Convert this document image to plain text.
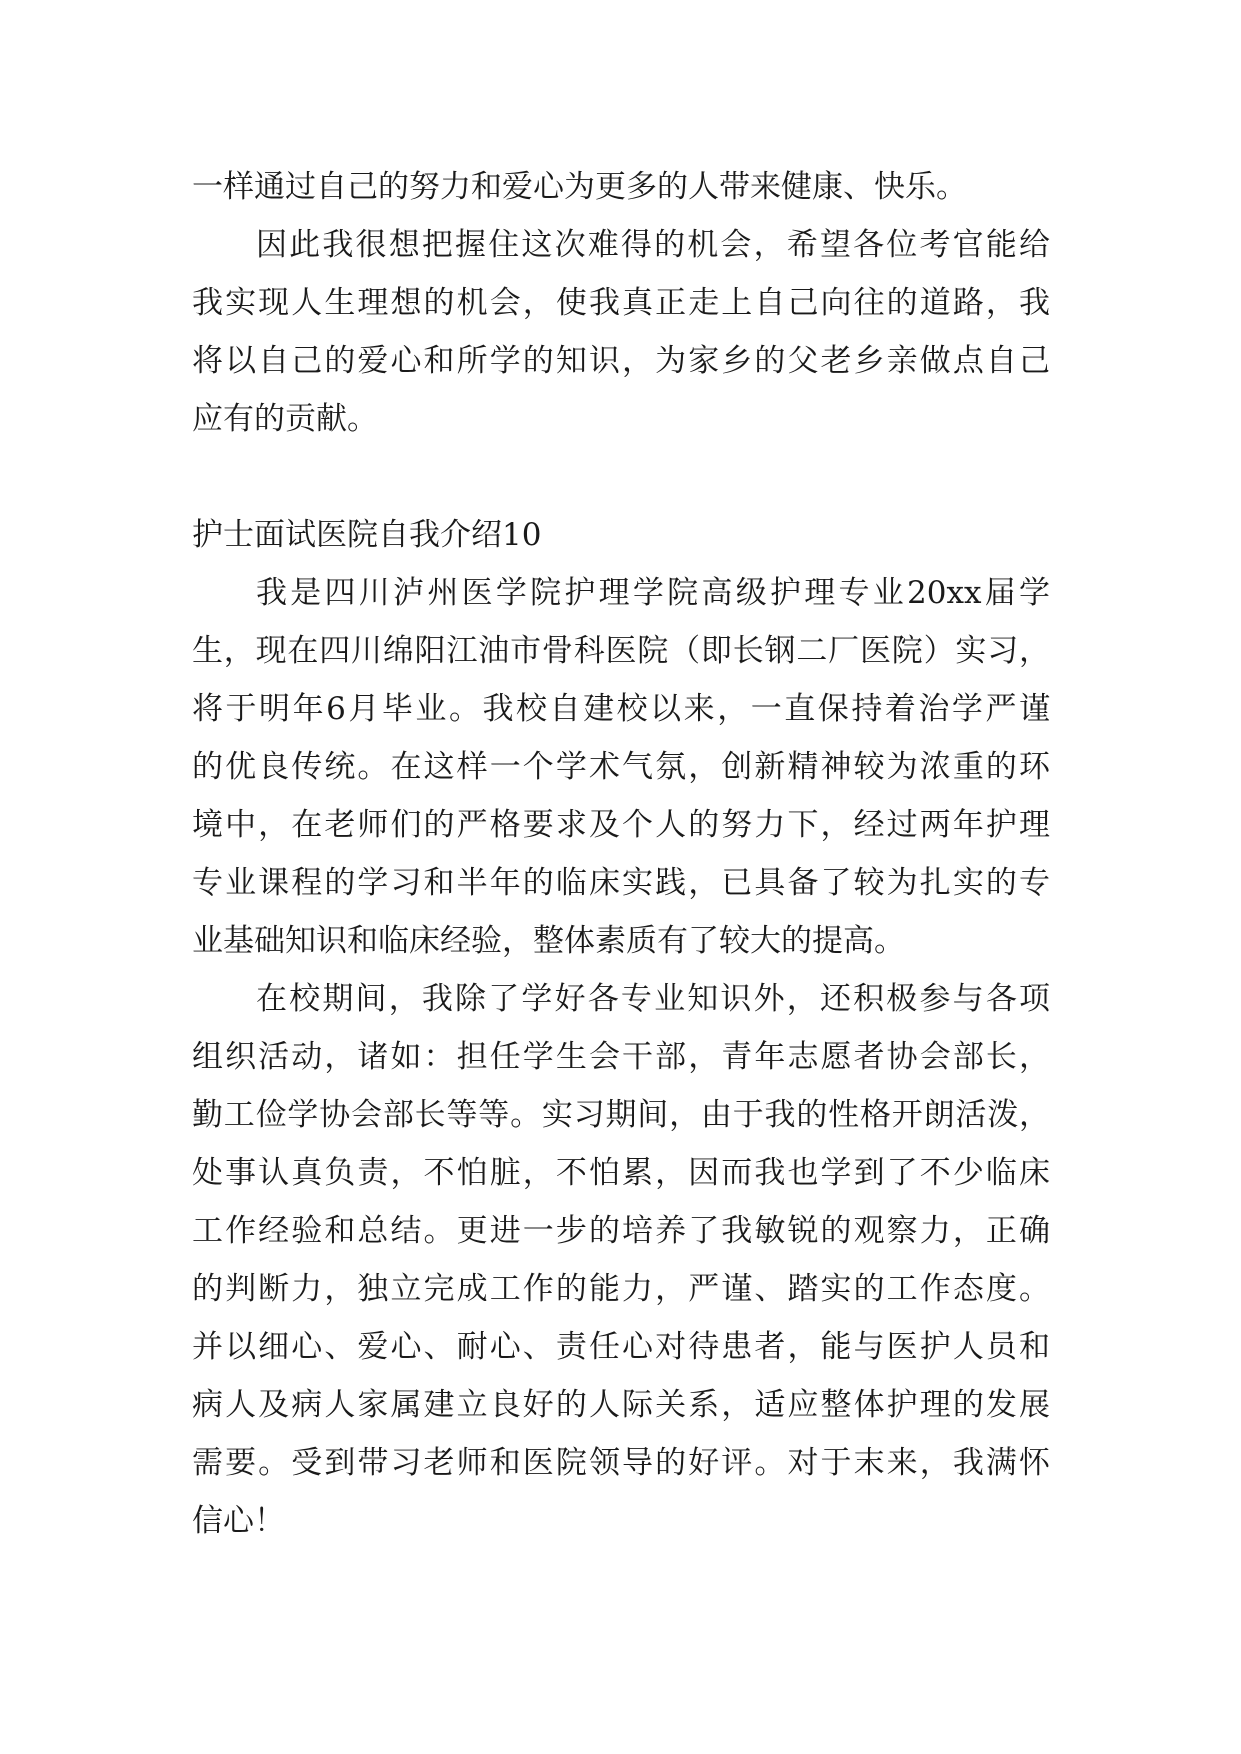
一样通过自己的努力和爱心为更多的人带来健康、快乐。
因此我很想把握住这次难得的机会，希望各位考官能给
我实现人生理想的机会，使我真正走上自己向往的道路，我
将以自己的爱心和所学的知识，为家乡的父老乡亲做点自己
应有的贡献。
护士面试医院自我介绍10
我是四川泸州医学院护理学院高级护理专业20xx届学
生，现在四川绵阳江油市骨科医院（即长钢二厂医院）实习，
将于明年6月毕业。我校自建校以来，一直保持着治学严谨
的优良传统。在这样一个学术气氛，创新精神较为浓重的环
境中，在老师们的严格要求及个人的努力下，经过两年护理
专业课程的学习和半年的临床实践，已具备了较为扎实的专
业基础知识和临床经验，整体素质有了较大的提高。
在校期间，我除了学好各专业知识外，还积极参与各项
组织活动，诸如：担任学生会干部，青年志愿者协会部长，
勤工俭学协会部长等等。实习期间，由于我的性格开朗活泼，
处事认真负责，不怕脏，不怕累，因而我也学到了不少临床
工作经验和总结。更进一步的培养了我敏锐的观察力，正确
的判断力，独立完成工作的能力，严谨、踏实的工作态度。
并以细心、爱心、耐心、责任心对待患者，能与医护人员和
病人及病人家属建立良好的人际关系，适应整体护理的发展
需要。受到带习老师和医院领导的好评。对于末来，我满怀
信心！
